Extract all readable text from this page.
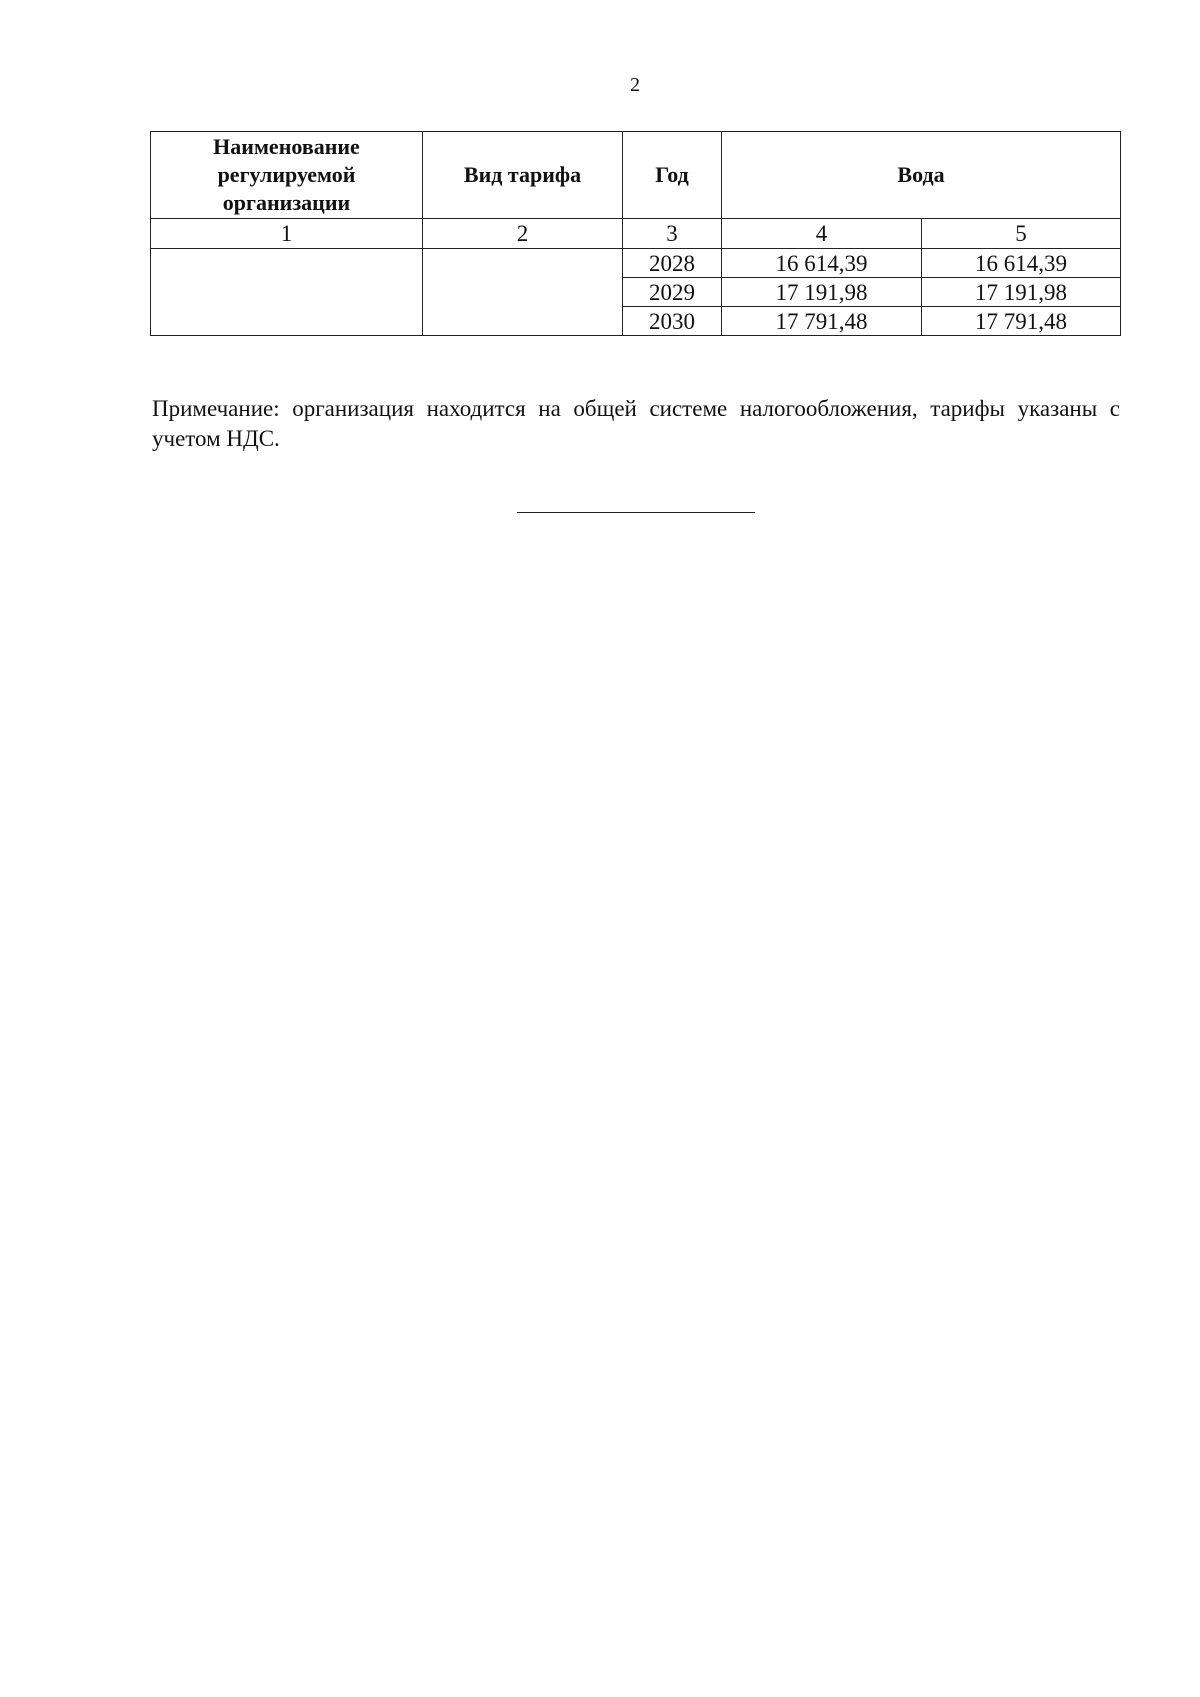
2
Наименование регулируемой организации	Вид тарифа	Год	Вода	
1	2	3	4	5
		2028	16 614,39	16 614,39
		2029	17 191,98	17 191,98
		2030	17 791,48	17 791,48

Примечание: организация находится на общей системе налогообложения, тарифы указаны с учетом НДС.
